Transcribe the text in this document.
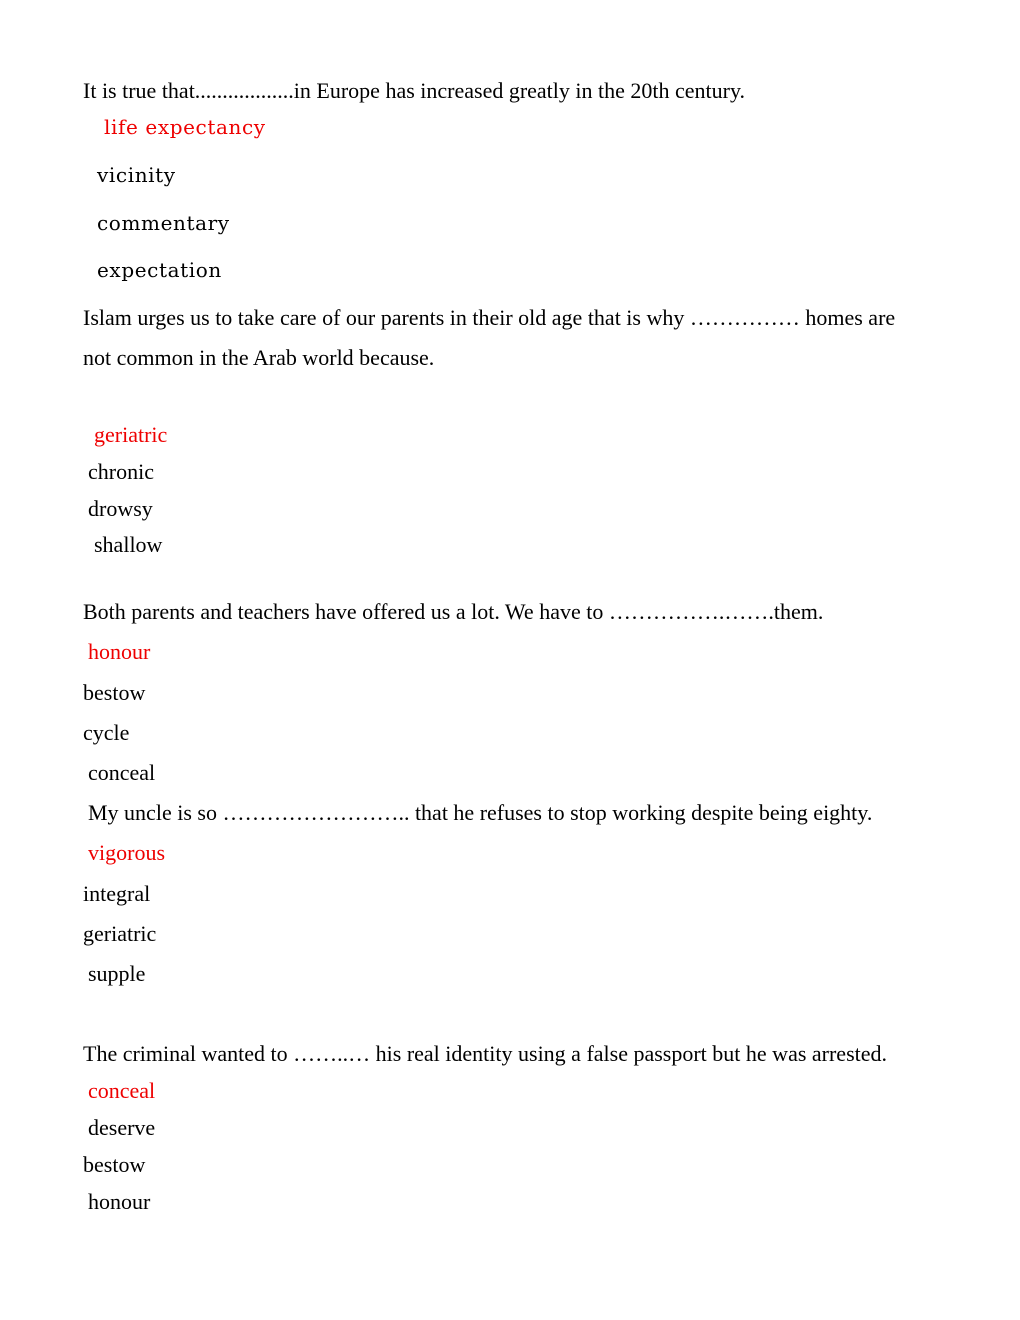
It is true that..................in Europe has increased greatly in the 20th century.
life expectancy
vicinity
commentary
expectation
Islam urges us to take care of our parents in their old age that is why …………… homes are
not common in the Arab world because.
geriatric
chronic
drowsy
shallow
Both parents and teachers have offered us a lot. We have to …………….…….them.
honour
bestow
cycle
conceal
My uncle is so …………………….. that he refuses to stop working despite being eighty.
vigorous
integral
geriatric
supple
The criminal wanted to ……..… his real identity using a false passport but he was arrested.
conceal
deserve
bestow
honour
